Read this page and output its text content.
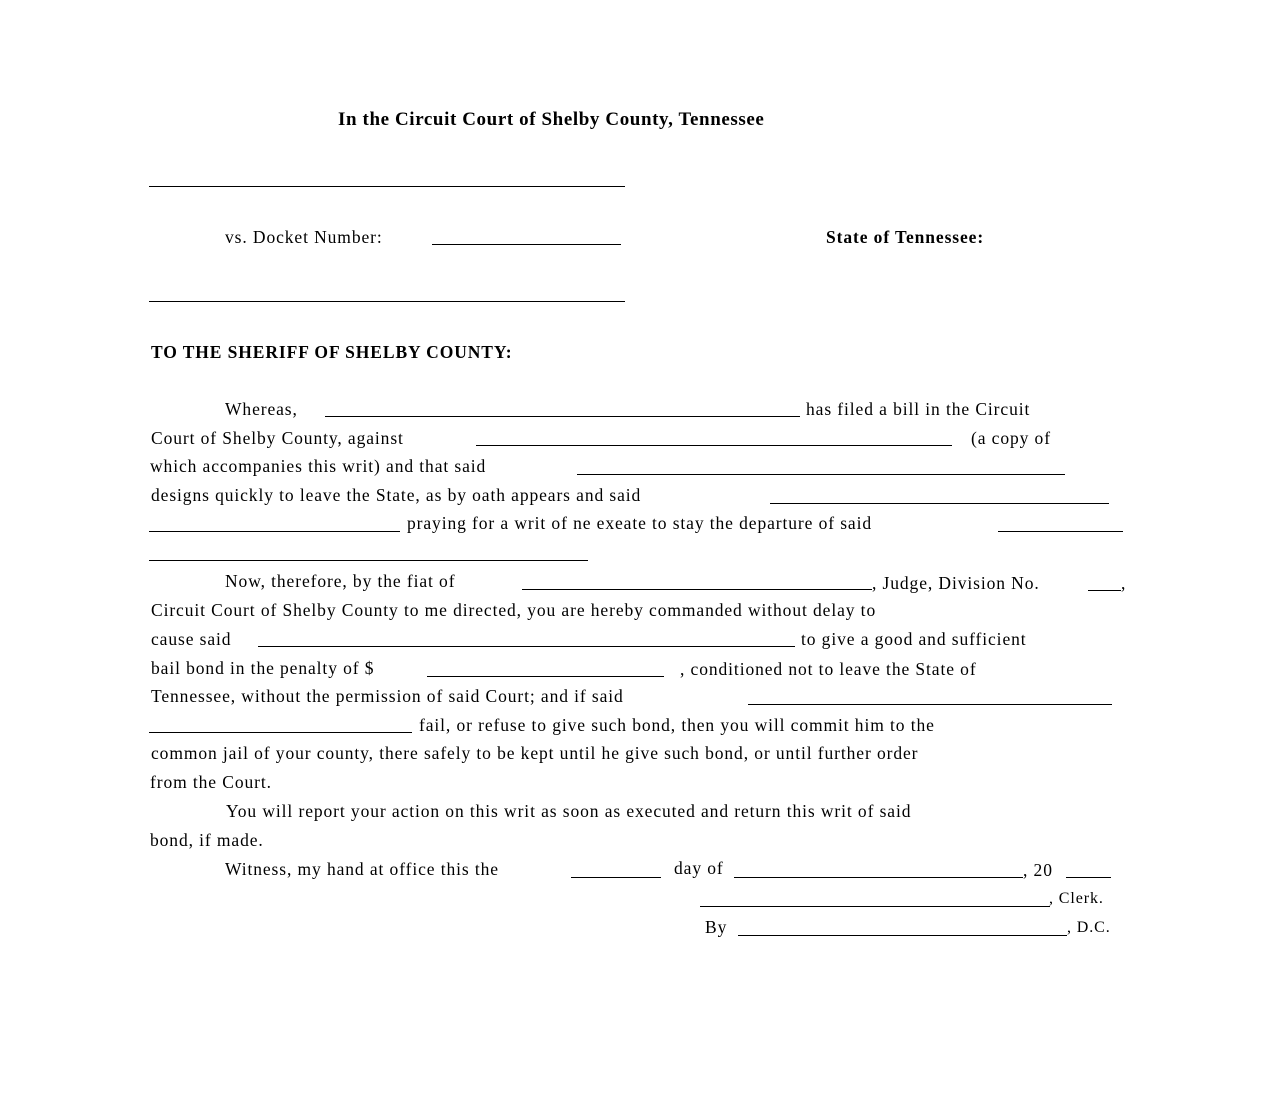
In the Circuit Court of Shelby County, Tennessee
vs. Docket Number:	State of Tennessee:
TO THE SHERIFF OF SHELBY COUNTY:
Whereas,	has filed a bill in the Circuit
Court of Shelby County, against	(a copy of
which accompanies this writ) and that said
designs quickly to leave the State, as by oath appears and said
praying for a writ of ne exeate to stay the departure of said
Now, therefore, by the fiat of	, Judge, Division No.	,
Circuit Court of Shelby County to me directed, you are hereby commanded without delay to
cause said	to give a good and sufficient
bail bond in the penalty of $	, conditioned not to leave the State of
Tennessee, without the permission of said Court; and if said
fail, or refuse to give such bond, then you will commit him to the
common jail of your county, there safely to be kept until he give such bond, or until further order
from the Court.
You will report your action on this writ as soon as executed and return this writ of said
bond, if made.
Witness, my hand at office this the	day of	, 20
, Clerk.
By	, D.C.
